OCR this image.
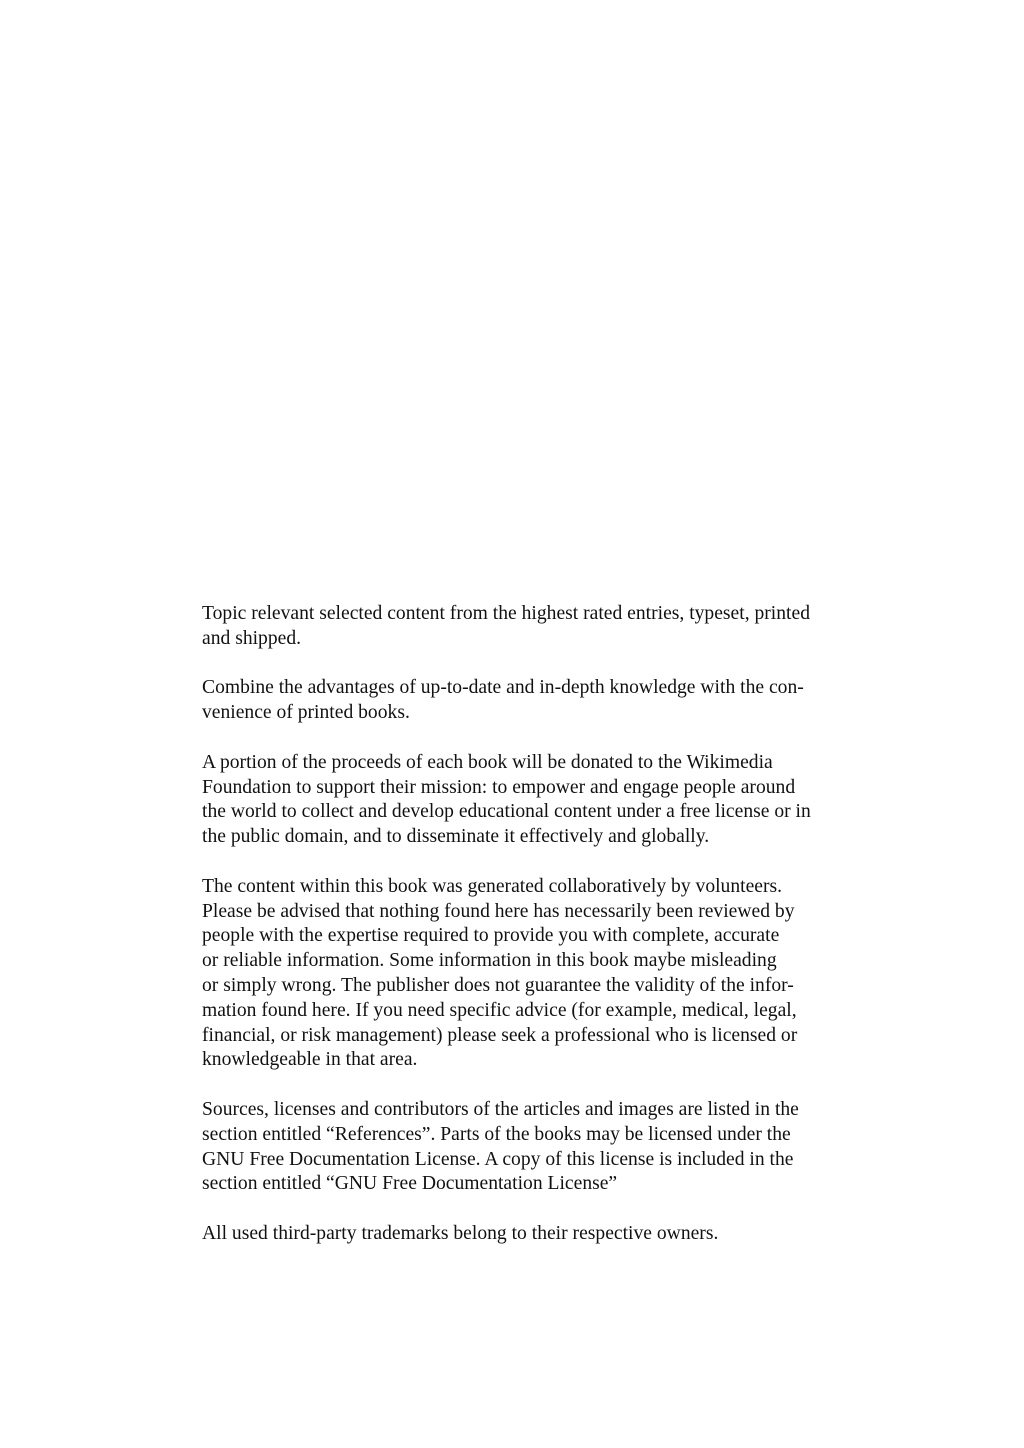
Topic relevant selected content from the highest rated entries, typeset, printed
and shipped.

Combine the advantages of up-to-date and in-depth knowledge with the con-
venience of printed books.

A portion of the proceeds of each book will be donated to the Wikimedia
Foundation to support their mission: to empower and engage people around
the world to collect and develop educational content under a free license or in
the public domain, and to disseminate it effectively and globally.

The content within this book was generated collaboratively by volunteers.
Please be advised that nothing found here has necessarily been reviewed by
people with the expertise required to provide you with complete, accurate
or reliable information. Some information in this book maybe misleading
or simply wrong. The publisher does not guarantee the validity of the infor-
mation found here. If you need specific advice (for example, medical, legal,
financial, or risk management) please seek a professional who is licensed or
knowledgeable in that area.

Sources, licenses and contributors of the articles and images are listed in the
section entitled “References”. Parts of the books may be licensed under the
GNU Free Documentation License. A copy of this license is included in the
section entitled “GNU Free Documentation License”

All used third-party trademarks belong to their respective owners.
